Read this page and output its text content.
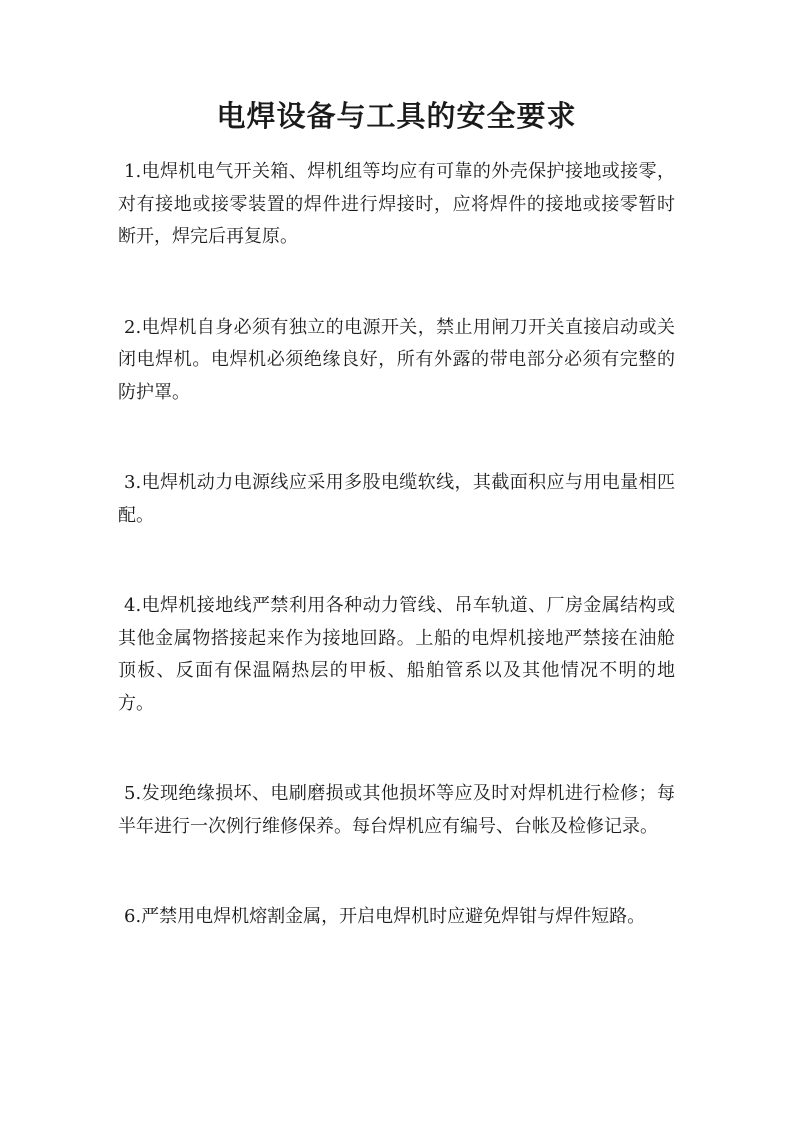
电焊设备与工具的安全要求

1.电焊机电气开关箱、焊机组等均应有可靠的外壳保护接地或接零，对有接地或接零装置的焊件进行焊接时，应将焊件的接地或接零暂时断开，焊完后再复原。

2.电焊机自身必须有独立的电源开关，禁止用闸刀开关直接启动或关闭电焊机。电焊机必须绝缘良好，所有外露的带电部分必须有完整的防护罩。

3.电焊机动力电源线应采用多股电缆软线，其截面积应与用电量相匹配。

4.电焊机接地线严禁利用各种动力管线、吊车轨道、厂房金属结构或其他金属物搭接起来作为接地回路。上船的电焊机接地严禁接在油舱顶板、反面有保温隔热层的甲板、船舶管系以及其他情况不明的地方。

5.发现绝缘损坏、电刷磨损或其他损坏等应及时对焊机进行检修；每半年进行一次例行维修保养。每台焊机应有编号、台帐及检修记录。

6.严禁用电焊机熔割金属，开启电焊机时应避免焊钳与焊件短路。
